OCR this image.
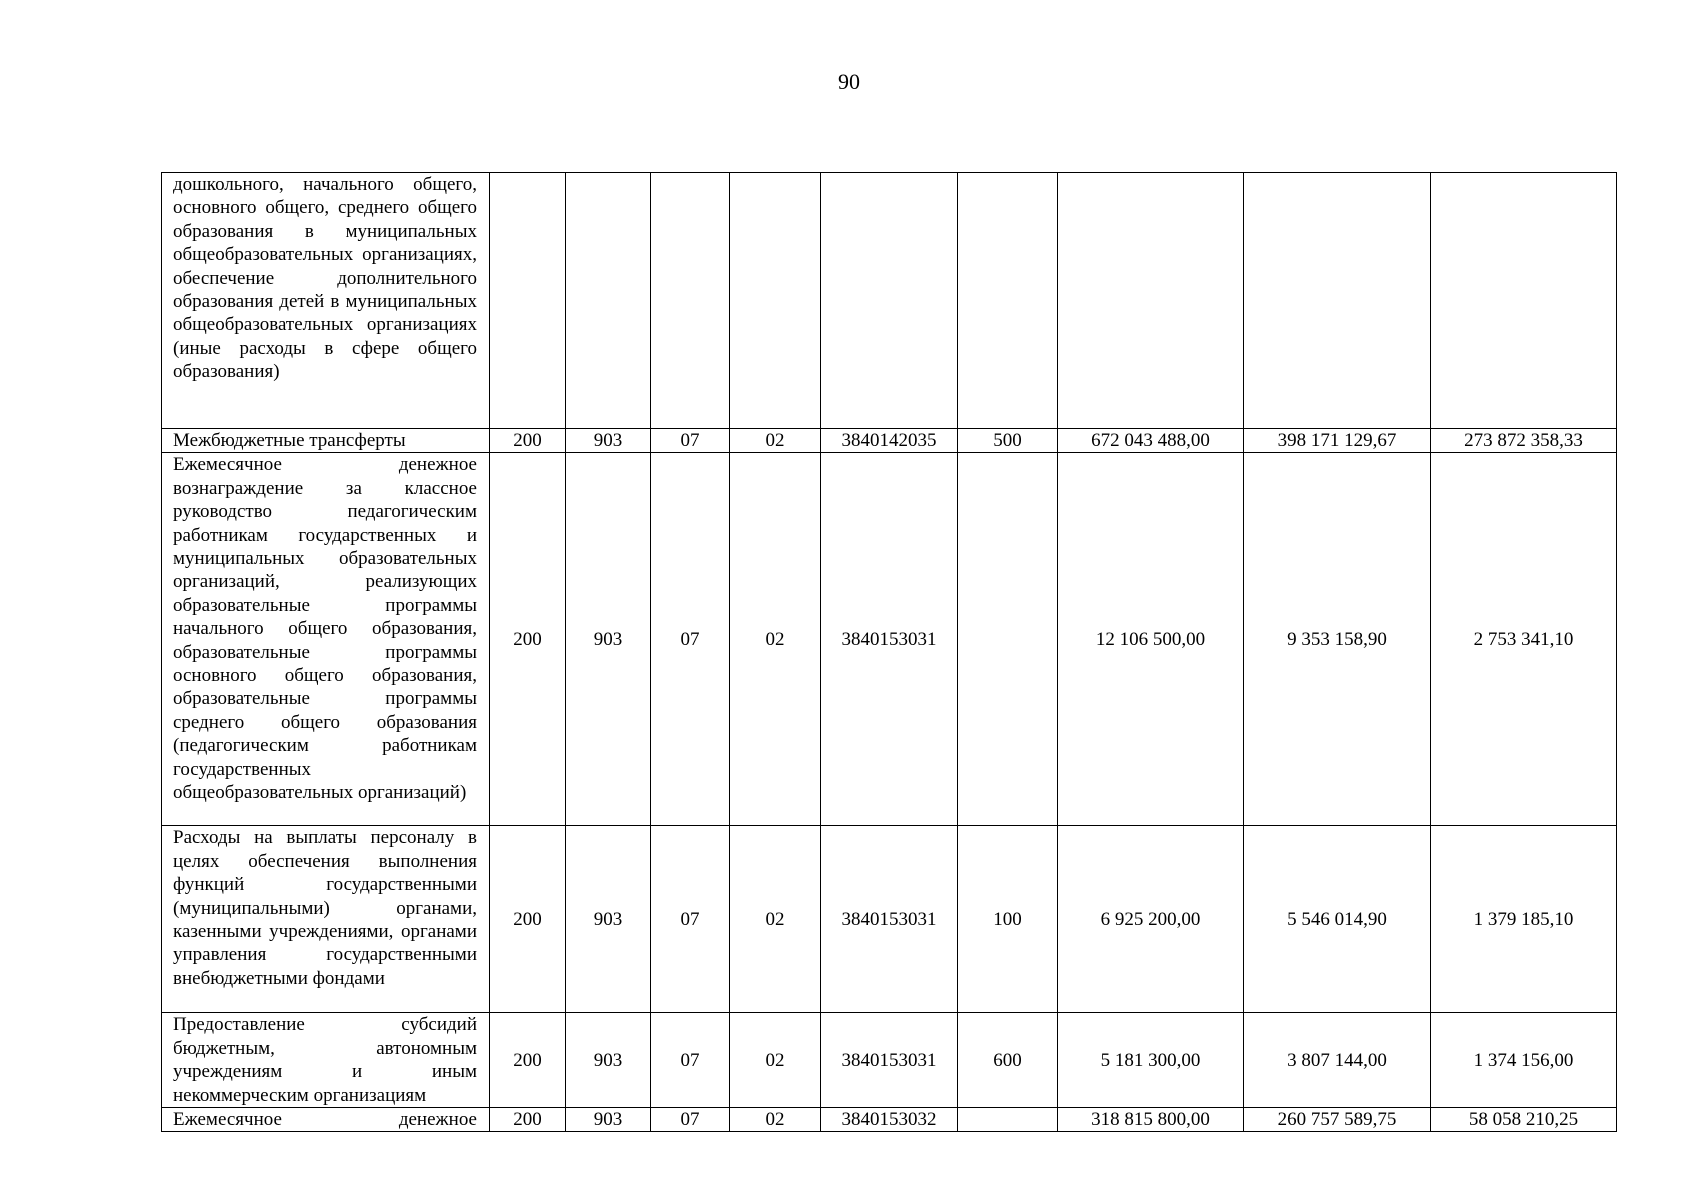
90
дошкольного, начального общего, основного общего, среднего общего образования в муниципальных общеобразовательных организациях, обеспечение дополнительного образования детей в муниципальных общеобразовательных организациях (иные расходы в сфере общего образования)									
Межбюджетные трансферты	200	903	07	02	3840142035	500	672 043 488,00	398 171 129,67	273 872 358,33
Ежемесячное денежное вознаграждение за классное руководство педагогическим работникам государственных и муниципальных образовательных организаций, реализующих образовательные программы начального общего образования, образовательные программы основного общего образования, образовательные программы среднего общего образования (педагогическим работникам государственных общеобразовательных организаций)	200	903	07	02	3840153031		12 106 500,00	9 353 158,90	2 753 341,10
Расходы на выплаты персоналу в целях обеспечения выполнения функций государственными (муниципальными) органами, казенными учреждениями, органами управления государственными внебюджетными фондами	200	903	07	02	3840153031	100	6 925 200,00	5 546 014,90	1 379 185,10
Предоставление субсидий бюджетным, автономным учреждениям и иным некоммерческим организациям	200	903	07	02	3840153031	600	5 181 300,00	3 807 144,00	1 374 156,00
Ежемесячное денежное	200	903	07	02	3840153032		318 815 800,00	260 757 589,75	58 058 210,25
